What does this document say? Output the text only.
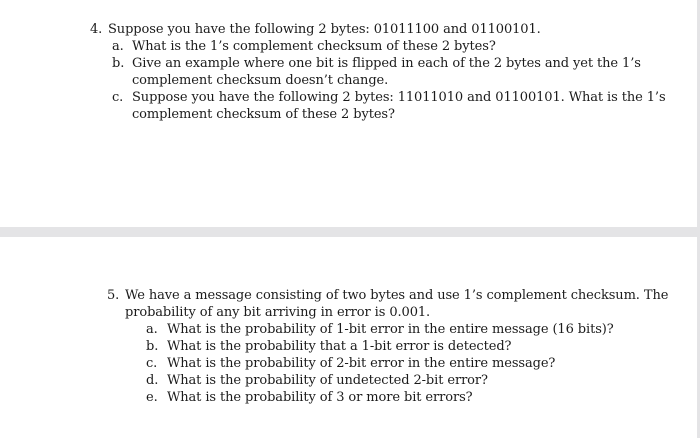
4. Suppose you have the following 2 bytes: 01011100 and 01100101.
a. What is the 1’s complement checksum of these 2 bytes?
b. Give an example where one bit is flipped in each of the 2 bytes and yet the 1’s
complement checksum doesn’t change.
c. Suppose you have the following 2 bytes: 11011010 and 01100101. What is the 1’s
complement checksum of these 2 bytes?
5. We have a message consisting of two bytes and use 1’s complement checksum. The
probability of any bit arriving in error is 0.001.
a. What is the probability of 1-bit error in the entire message (16 bits)?
b. What is the probability that a 1-bit error is detected?
c. What is the probability of 2-bit error in the entire message?
d. What is the probability of undetected 2-bit error?
e. What is the probability of 3 or more bit errors?
